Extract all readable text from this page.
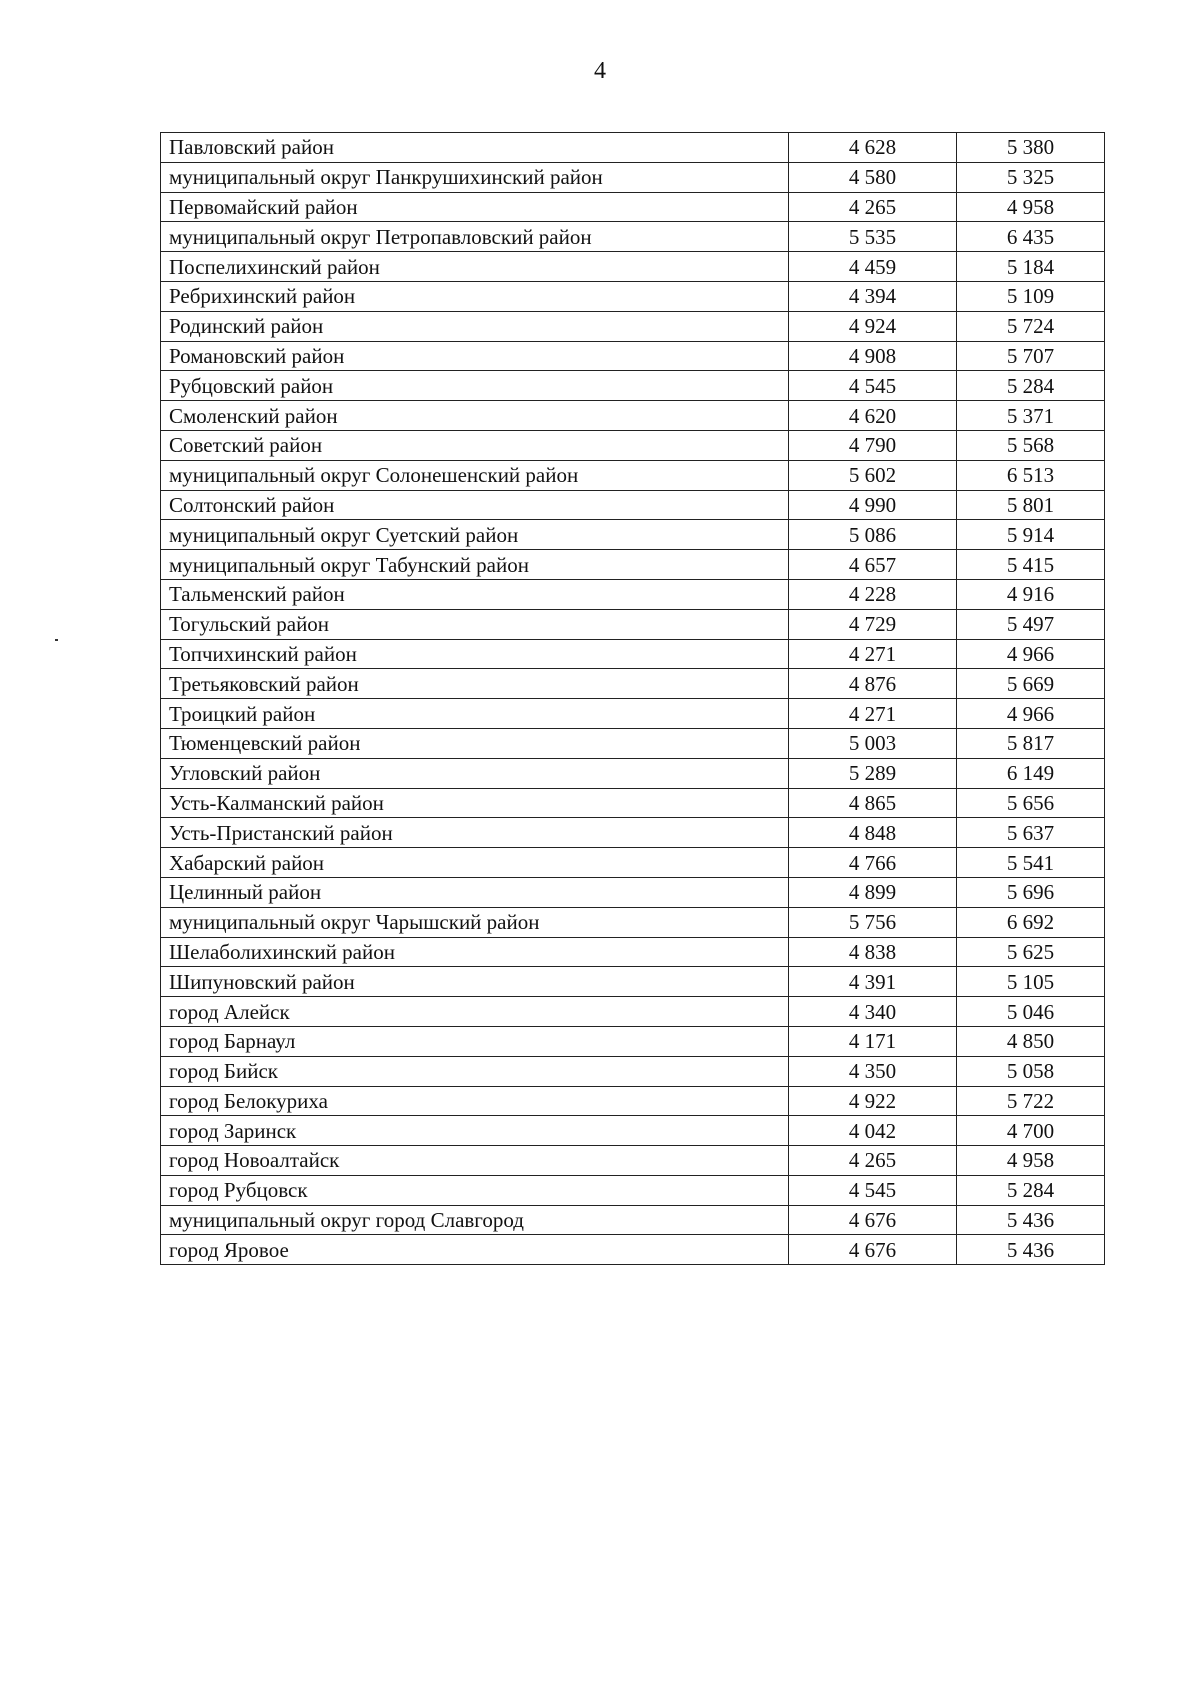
4
Павловский район	4 628	5 380
муниципальный округ Панкрушихинский район	4 580	5 325
Первомайский район	4 265	4 958
муниципальный округ Петропавловский район	5 535	6 435
Поспелихинский район	4 459	5 184
Ребрихинский район	4 394	5 109
Родинский район	4 924	5 724
Романовский район	4 908	5 707
Рубцовский район	4 545	5 284
Смоленский район	4 620	5 371
Советский район	4 790	5 568
муниципальный округ Солонешенский район	5 602	6 513
Солтонский район	4 990	5 801
муниципальный округ Суетский район	5 086	5 914
муниципальный округ Табунский район	4 657	5 415
Тальменский район	4 228	4 916
Тогульский район	4 729	5 497
Топчихинский район	4 271	4 966
Третьяковский район	4 876	5 669
Троицкий район	4 271	4 966
Тюменцевский район	5 003	5 817
Угловский район	5 289	6 149
Усть-Калманский район	4 865	5 656
Усть-Пристанский район	4 848	5 637
Хабарский район	4 766	5 541
Целинный район	4 899	5 696
муниципальный округ Чарышский район	5 756	6 692
Шелаболихинский район	4 838	5 625
Шипуновский район	4 391	5 105
город Алейск	4 340	5 046
город Барнаул	4 171	4 850
город Бийск	4 350	5 058
город Белокуриха	4 922	5 722
город Заринск	4 042	4 700
город Новоалтайск	4 265	4 958
город Рубцовск	4 545	5 284
муниципальный округ город Славгород	4 676	5 436
город Яровое	4 676	5 436
